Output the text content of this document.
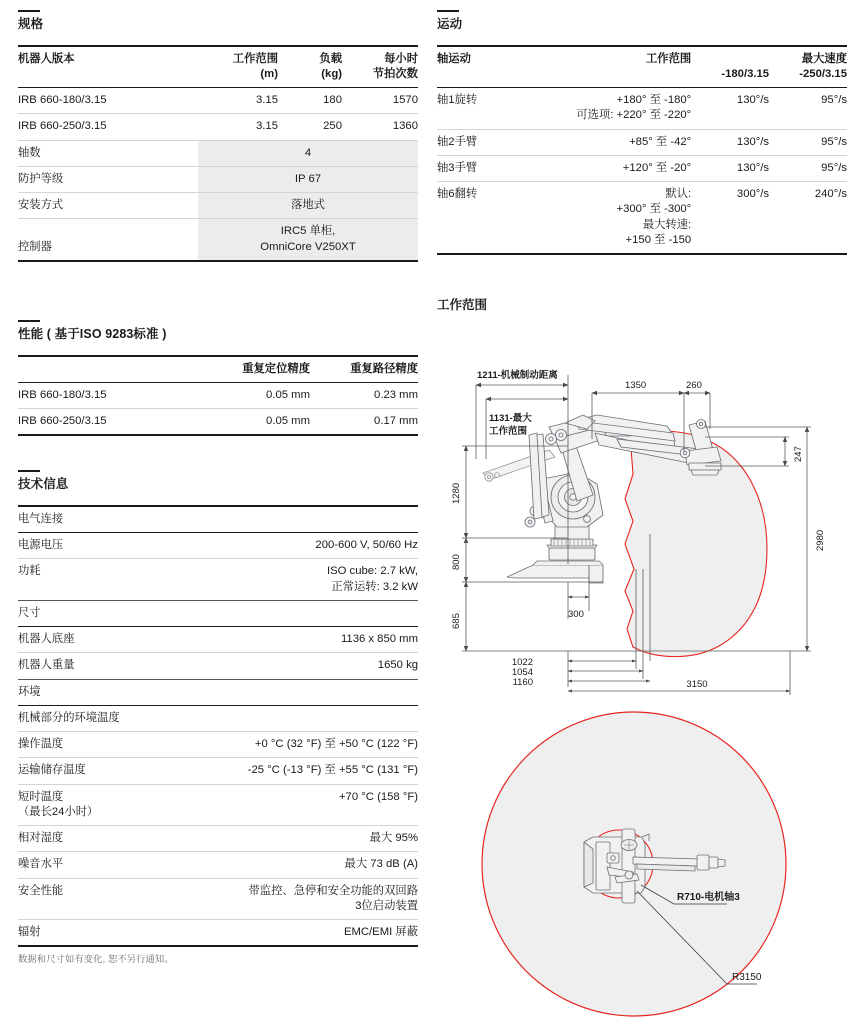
规格
机器人版本	工作范围	负载	每小时
	(m)	(kg)	节拍次数
IRB 660-180/3.15	3.15	180	1570
IRB 660-250/3.15	3.15	250	1360
轴数	4		
防护等级	IP 67		
安装方式	落地式		
控制器	IRC5 单柜,
OmniCore V250XT		
性能 ( 基于ISO 9283标准 )
	重复定位精度	重复路径精度
IRB 660-180/3.15	0.05 mm	0.23 mm
IRB 660-250/3.15	0.05 mm	0.17 mm
技术信息
电气连接	
电源电压	200-600 V, 50/60 Hz
功耗	ISO cube: 2.7 kW,
正常运转: 3.2 kW

尺寸	
机器人底座	1136 x 850 mm
机器人重量	1650 kg
环境	
机械部分的环境温度	
操作温度	+0 °C (32 °F) 至 +50 °C (122 °F)
运输储存温度	-25 °C (-13 °F) 至 +55 °C (131 °F)

短时温度
（最长24小时）	+70 °C (158 °F)
相对湿度	最大 95%
噪音水平	最大 73 dB (A)
安全性能	带监控、急停和安全功能的双回路
3位启动装置

辐射	EMC/EMI 屏蔽
数据和尺寸如有变化, 恕不另行通知。
运动
轴运动	工作范围		最大速度
		-180/3.15	-250/3.15
轴1旋转	+180° 至 -180°
可选项: +220° 至 -220°	130°/s	95°/s
轴2手臂	+85° 至 -42°	130°/s	95°/s
轴3手臂	+120° 至 -20°	130°/s	95°/s
轴6翻转	默认:
+300° 至 -300°
最大转速:
+150 至 -150	300°/s	240°/s
工作范围
1211-机械制动距离
1131-最大
工作范围
1350	260
247
2980
1280
800
685	300
1022
1054
1160	3150
R710-电机轴3
R3150
